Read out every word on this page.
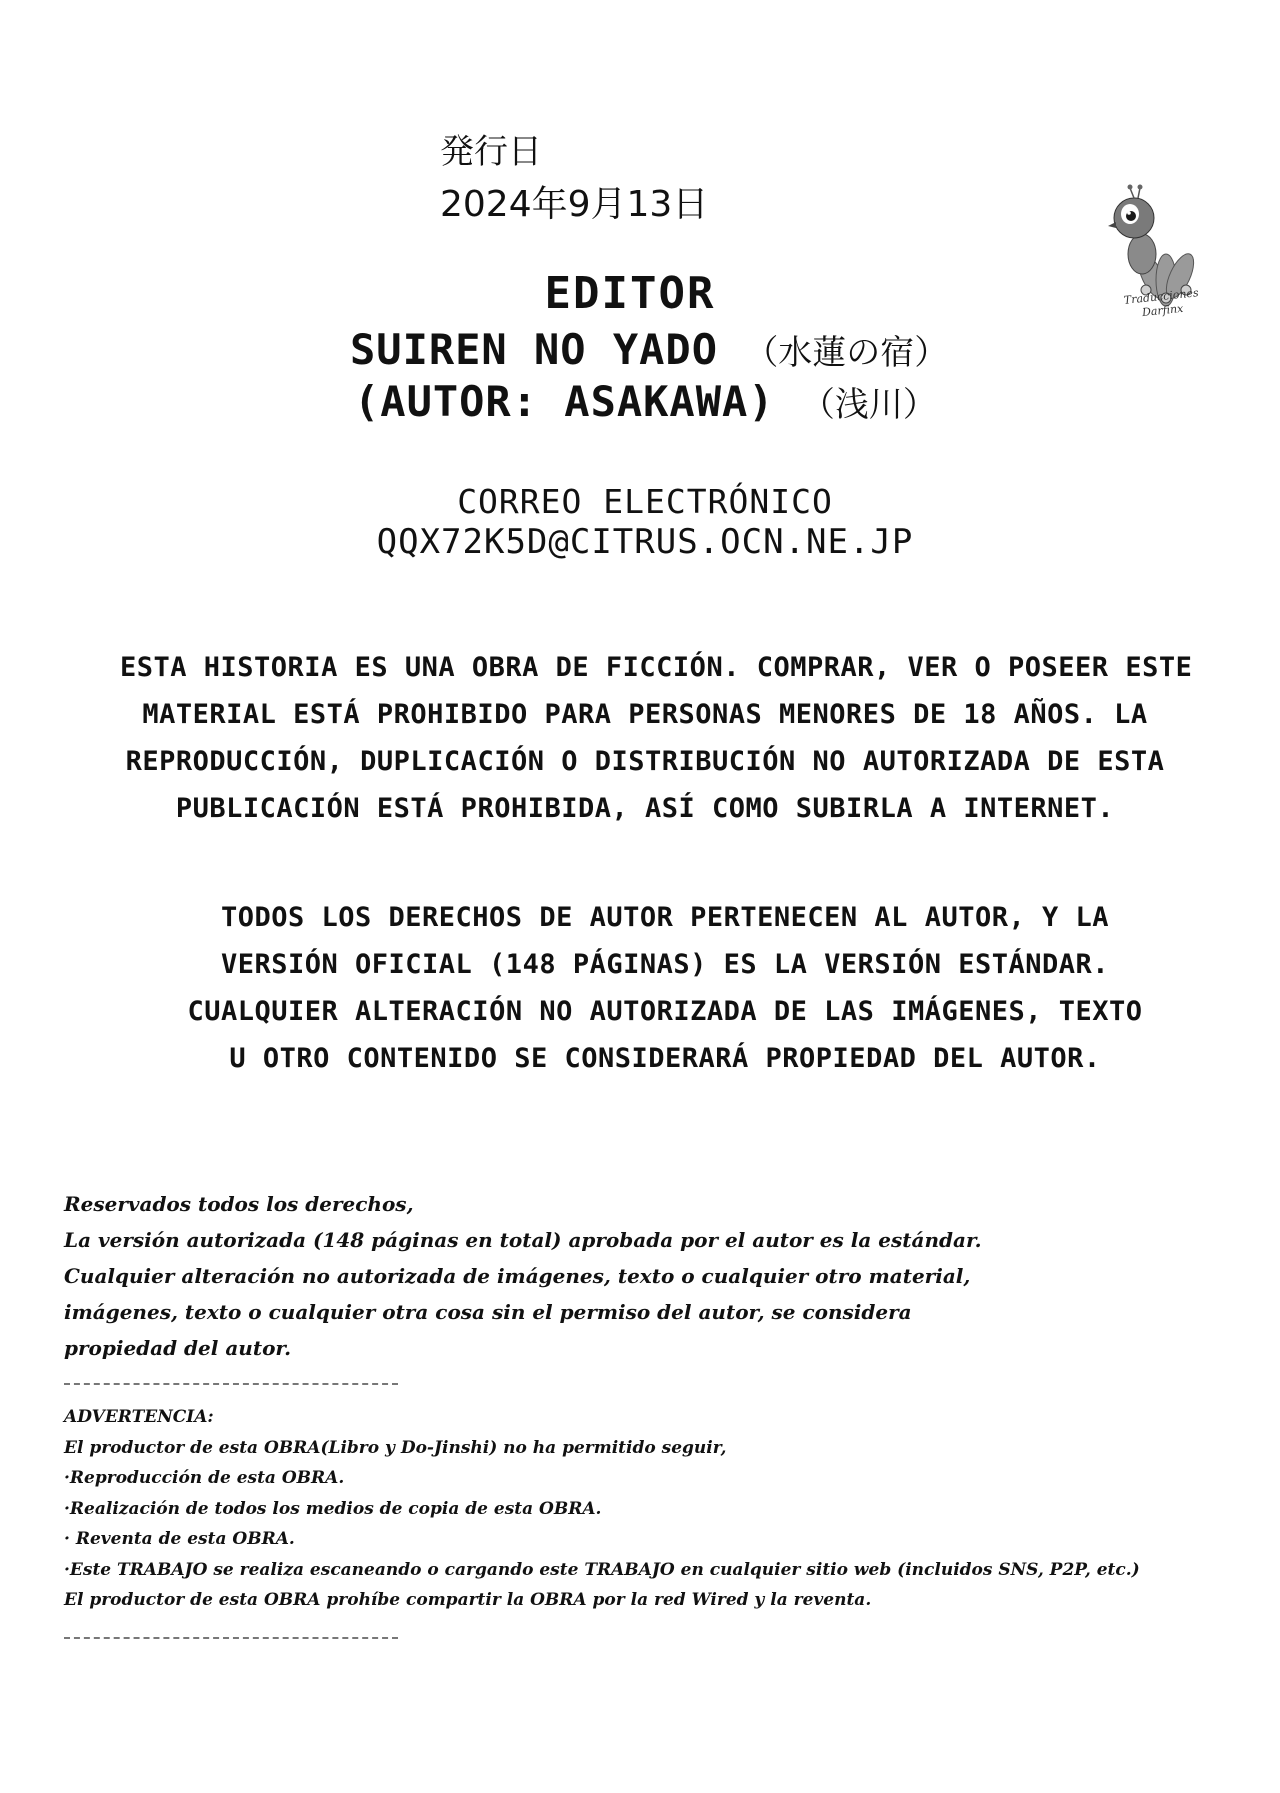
発行日
2024年9月13日
Traducciones
Darfinx
EDITOR
SUIREN NO YADO （水蓮の宿）
(AUTOR: ASAKAWA) （浅川）
CORREO ELECTRÓNICO
QQX72K5D@CITRUS.OCN.NE.JP
ESTA HISTORIA ES UNA OBRA DE FICCIÓN. COMPRAR, VER O POSEER ESTE
MATERIAL ESTÁ PROHIBIDO PARA PERSONAS MENORES DE 18 AÑOS. LA
REPRODUCCIÓN, DUPLICACIÓN O DISTRIBUCIÓN NO AUTORIZADA DE ESTA
PUBLICACIÓN ESTÁ PROHIBIDA, ASÍ COMO SUBIRLA A INTERNET.
TODOS LOS DERECHOS DE AUTOR PERTENECEN AL AUTOR, Y LA
VERSIÓN OFICIAL (148 PÁGINAS) ES LA VERSIÓN ESTÁNDAR.
CUALQUIER ALTERACIÓN NO AUTORIZADA DE LAS IMÁGENES, TEXTO
U OTRO CONTENIDO SE CONSIDERARÁ PROPIEDAD DEL AUTOR.
Reservados todos los derechos,
La versión autorizada (148 páginas en total) aprobada por el autor es la estándar.
Cualquier alteración no autorizada de imágenes, texto o cualquier otro material,
imágenes, texto o cualquier otra cosa sin el permiso del autor, se considera
propiedad del autor.
ADVERTENCIA:
El productor de esta OBRA(Libro y Do-Jinshi) no ha permitido seguir,
·Reproducción de esta OBRA.
·Realización de todos los medios de copia de esta OBRA.
· Reventa de esta OBRA.
·Este TRABAJO se realiza escaneando o cargando este TRABAJO en cualquier sitio web (incluidos SNS, P2P, etc.)
El productor de esta OBRA prohíbe compartir la OBRA por la red Wired y la reventa.
